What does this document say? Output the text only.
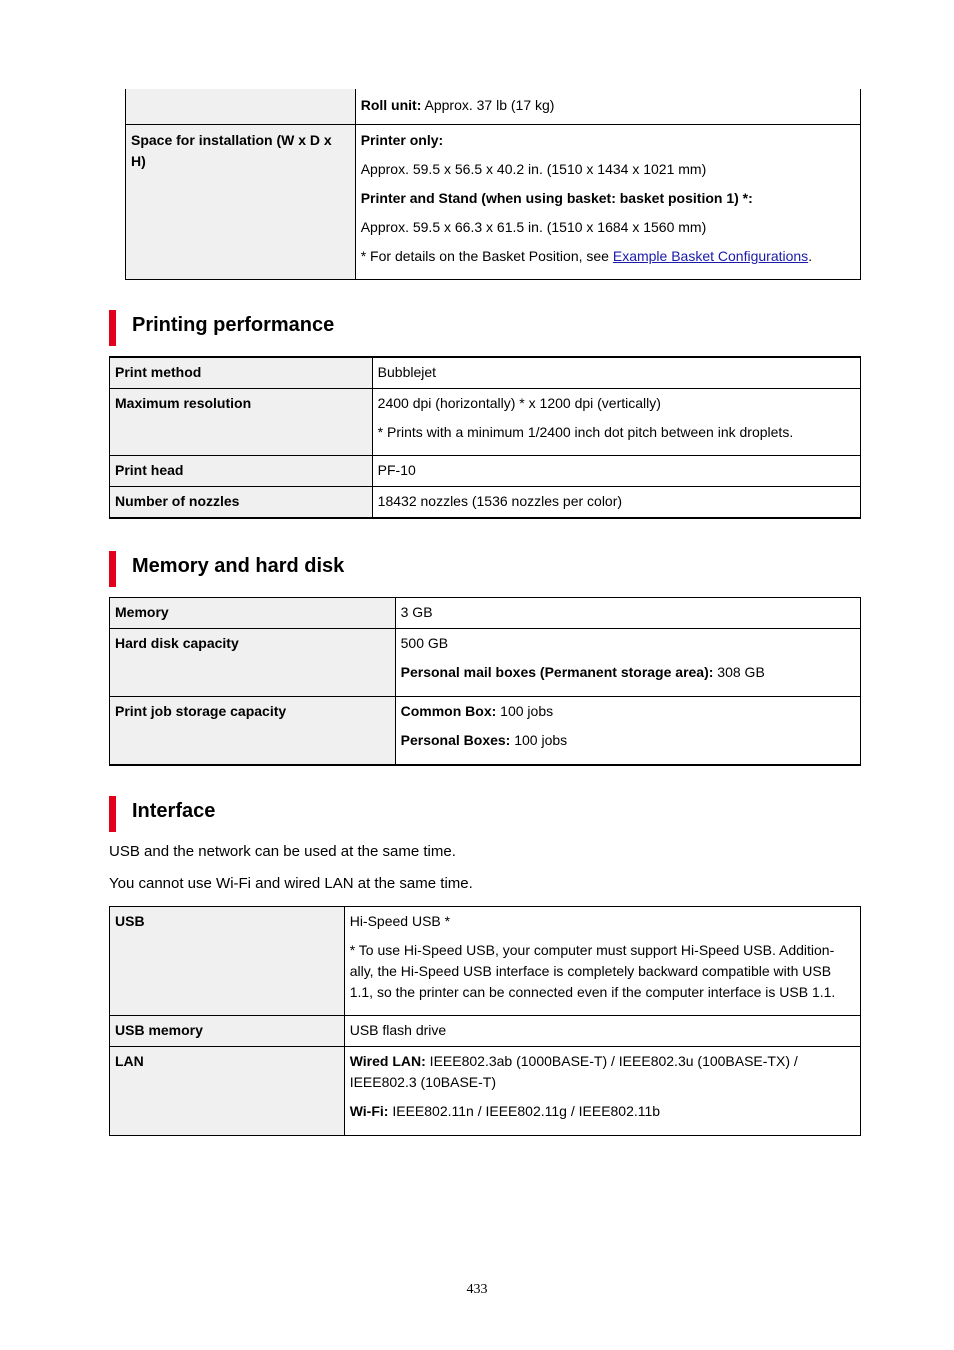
	Roll unit: Approx. 37 lb (17 kg)
Space for installation (W x D x H)	Printer only:

Approx. 59.5 x 56.5 x 40.2 in. (1510 x 1434 x 1021 mm)

Printer and Stand (when using basket: basket position 1) *:

Approx. 59.5 x 66.3 x 61.5 in. (1510 x 1684 x 1560 mm)

* For details on the Basket Position, see Example Basket Configurations.

Printing performance
Print method	Bubblejet
Maximum resolution	2400 dpi (horizontally) * x 1200 dpi (vertically)

* Prints with a minimum 1/2400 inch dot pitch between ink droplets.

Print head	PF-10
Number of nozzles	18432 nozzles (1536 nozzles per color)
Memory and hard disk
Memory	3 GB
Hard disk capacity	500 GB

Personal mail boxes (Permanent storage area): 308 GB

Print job storage capacity	Common Box: 100 jobs

Personal Boxes: 100 jobs

Interface
USB and the network can be used at the same time.
You cannot use Wi-Fi and wired LAN at the same time.
USB	Hi-Speed USB *

* To use Hi-Speed USB, your computer must support Hi-Speed USB. Addition-
ally, the Hi-Speed USB interface is completely backward compatible with USB
1.1, so the printer can be connected even if the computer interface is USB 1.1.

USB memory	USB flash drive
LAN	Wired LAN: IEEE802.3ab (1000BASE-T) / IEEE802.3u (100BASE-TX) /
IEEE802.3 (10BASE-T)

Wi-Fi: IEEE802.11n / IEEE802.11g / IEEE802.11b

433
